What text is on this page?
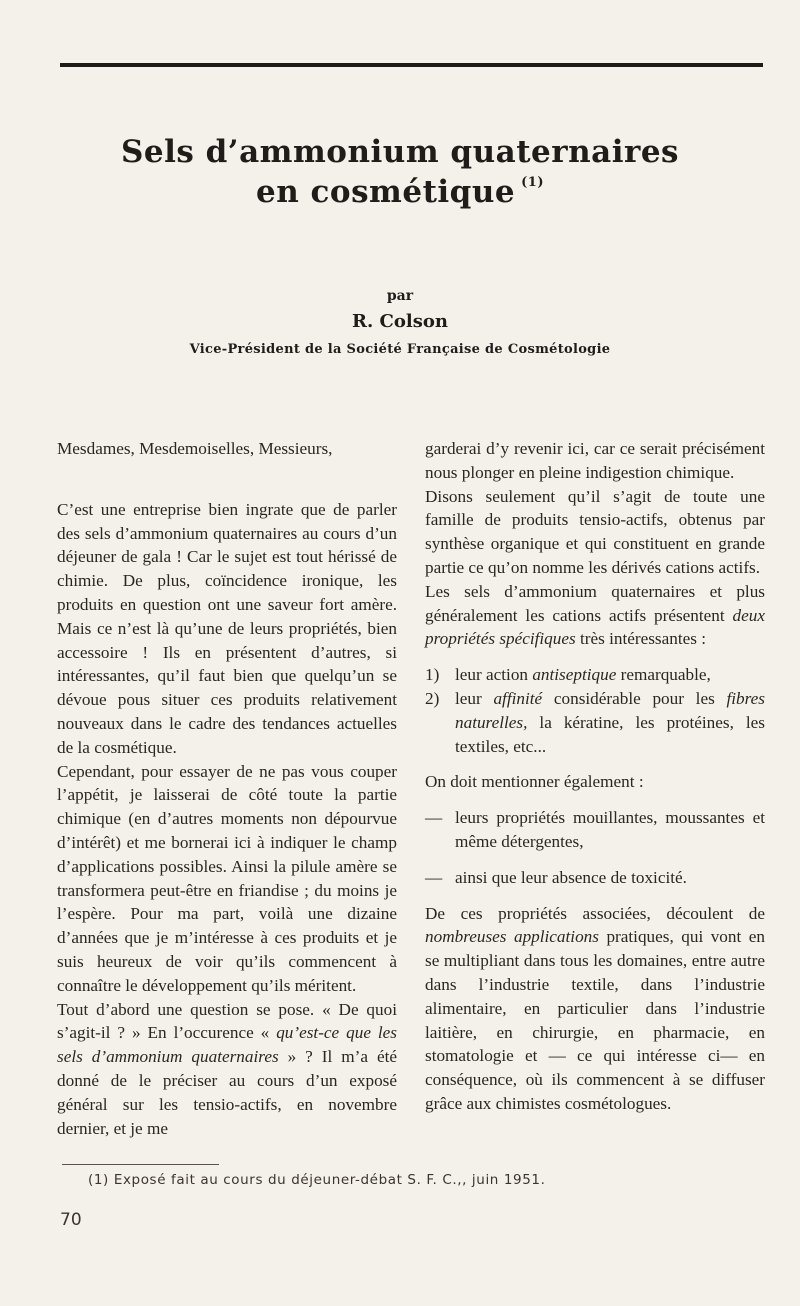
Sels d’ammonium quaternaires
en cosmétique $^{(1)}$
par
R. Colson
Vice-Président de la Société Française de Cosmétologie

Mesdames, Mesdemoiselles, Messieurs,

C’est une entreprise bien ingrate que de parler des sels d’ammonium quaternaires au cours d’un déjeuner de gala ! Car le sujet est tout hérissé de chimie. De plus, coïncidence ironique, les produits en question ont une saveur fort amère. Mais ce n’est là qu’une de leurs propriétés, bien accessoire ! Ils en présentent d’autres, si intéressantes, qu’il faut bien que quelqu’un se dévoue pous situer ces produits relativement nouveaux dans le cadre des tendances actuelles de la cosmétique.

Cependant, pour essayer de ne pas vous couper l’appétit, je laisserai de côté toute la partie chimique (en d’autres moments non dépourvue d’intérêt) et me bornerai ici à indiquer le champ d’applications possibles. Ainsi la pilule amère se transformera peut-être en friandise ; du moins je l’espère. Pour ma part, voilà une dizaine d’années que je m’intéresse à ces produits et je suis heureux de voir qu’ils commencent à connaître le développement qu’ils méritent.

Tout d’abord une question se pose. « De quoi s’agit-il ? » En l’occurence « qu’est-ce que les sels d’ammonium quaternaires » ? Il m’a été donné de le préciser au cours d’un exposé général sur les tensio-actifs, en novembre dernier, et je me

garderai d’y revenir ici, car ce serait précisément nous plonger en pleine indigestion chimique.

Disons seulement qu’il s’agit de toute une famille de produits tensio-actifs, obtenus par synthèse organique et qui constituent en grande partie ce qu’on nomme les dérivés cations actifs.

Les sels d’ammonium quaternaires et plus généralement les cations actifs présentent deux propriétés spécifiques très intéressantes :

1) leur action antiseptique remarquable,
2) leur affinité considérable pour les fibres naturelles, la kératine, les protéines, les textiles, etc...

On doit mentionner également :

— leurs propriétés mouillantes, moussantes et même détergentes,
— ainsi que leur absence de toxicité.

De ces propriétés associées, découlent de nombreuses applications pratiques, qui vont en se multipliant dans tous les domaines, entre autre dans l’industrie textile, dans l’industrie alimentaire, en particulier dans l’industrie laitière, en chirurgie, en pharmacie, en stomatologie et — ce qui intéresse ci— en conséquence, où ils commencent à se diffuser grâce aux chimistes cosmétologues.

(1) Exposé fait au cours du déjeuner-débat S. F. C.,, juin 1951.
70
